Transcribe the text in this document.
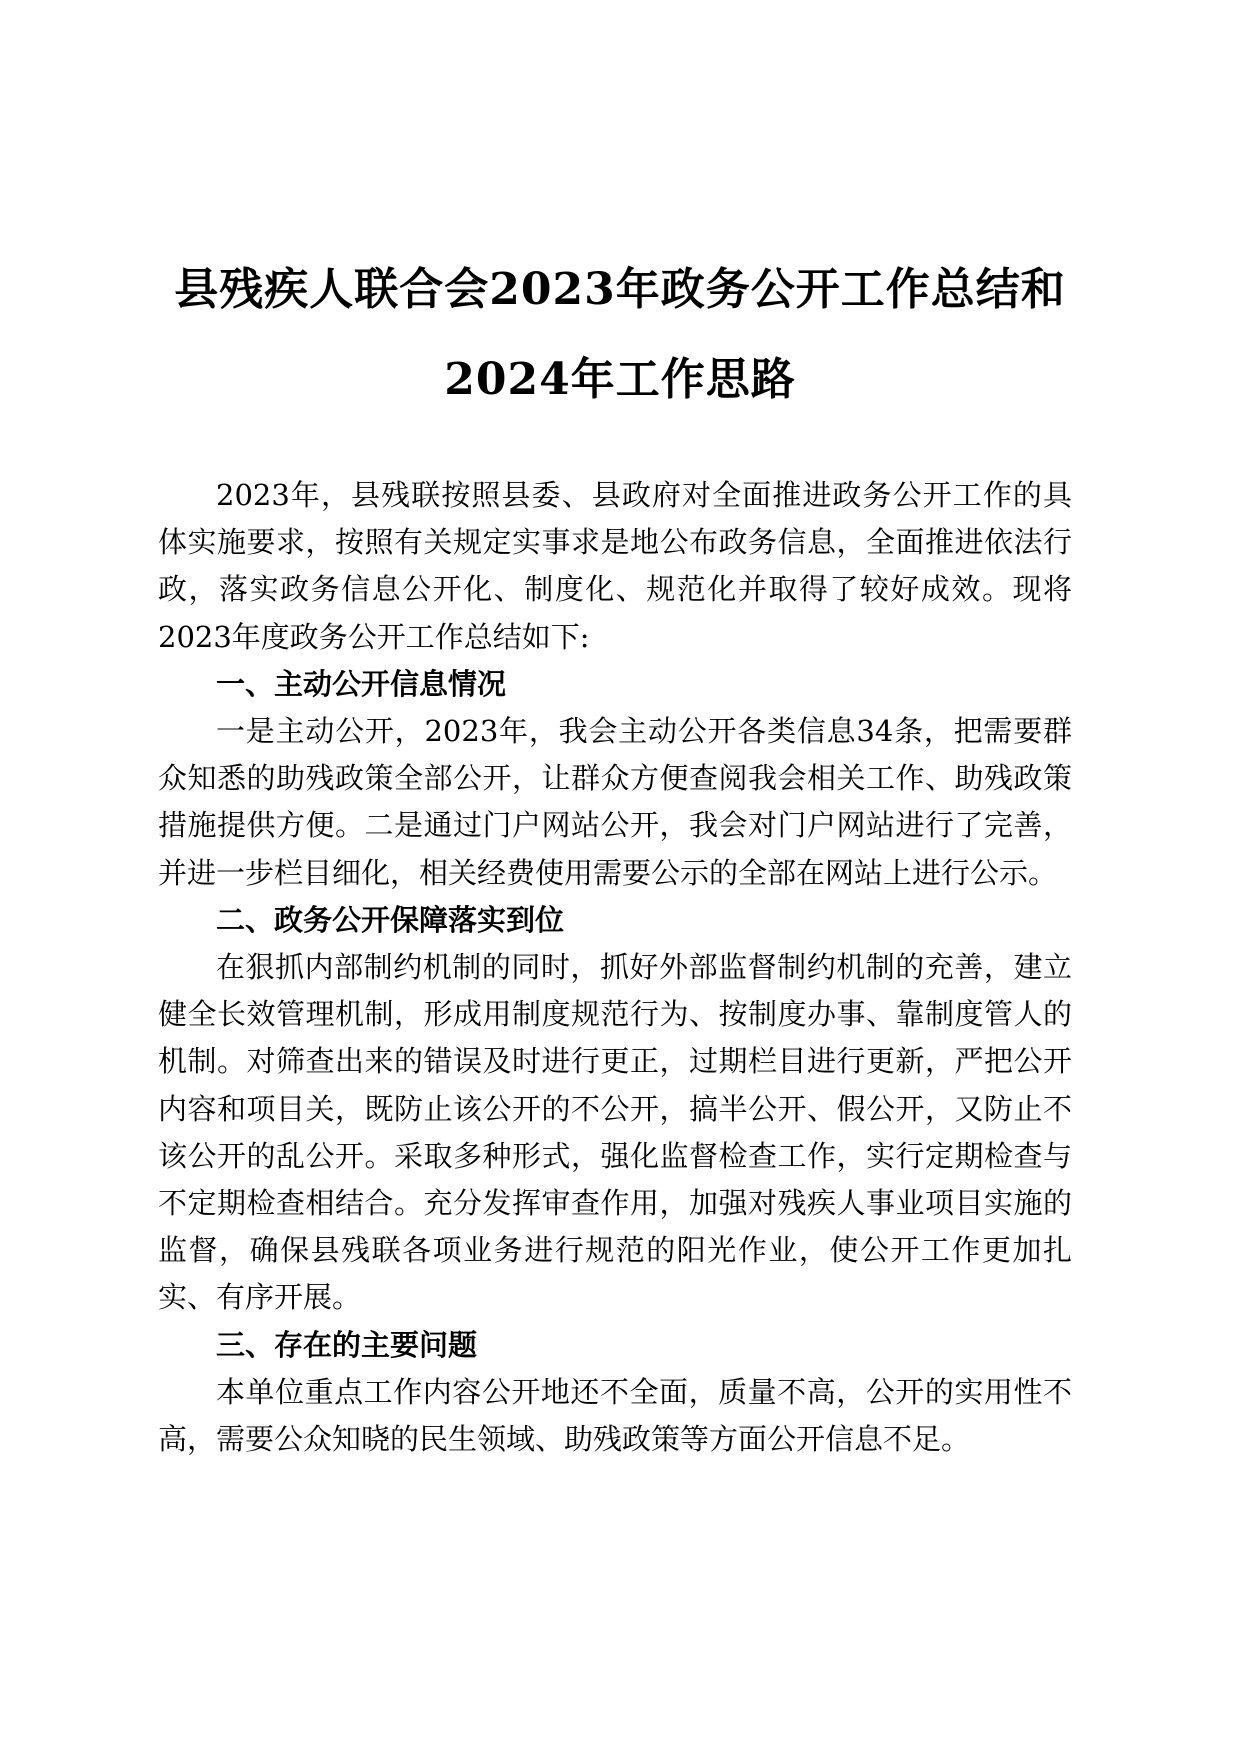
县残疾人联合会2023年政务公开工作总结和
2024年工作思路

2023年，县残联按照县委、县政府对全面推进政务公开工作的具体实施要求，按照有关规定实事求是地公布政务信息，全面推进依法行政，落实政务信息公开化、制度化、规范化并取得了较好成效。现将2023年度政务公开工作总结如下:

一、主动公开信息情况

一是主动公开，2023年，我会主动公开各类信息34条，把需要群众知悉的助残政策全部公开，让群众方便查阅我会相关工作、助残政策措施提供方便。二是通过门户网站公开，我会对门户网站进行了完善，并进一步栏目细化，相关经费使用需要公示的全部在网站上进行公示。

二、政务公开保障落实到位

在狠抓内部制约机制的同时，抓好外部监督制约机制的充善，建立健全长效管理机制，形成用制度规范行为、按制度办事、靠制度管人的机制。对筛查出来的错误及时进行更正，过期栏目进行更新，严把公开内容和项目关，既防止该公开的不公开，搞半公开、假公开，又防止不该公开的乱公开。采取多种形式，强化监督检查工作，实行定期检查与不定期检查相结合。充分发挥审查作用，加强对残疾人事业项目实施的监督，确保县残联各项业务进行规范的阳光作业，使公开工作更加扎实、有序开展。

三、存在的主要问题

本单位重点工作内容公开地还不全面，质量不高，公开的实用性不高，需要公众知晓的民生领域、助残政策等方面公开信息不足。
